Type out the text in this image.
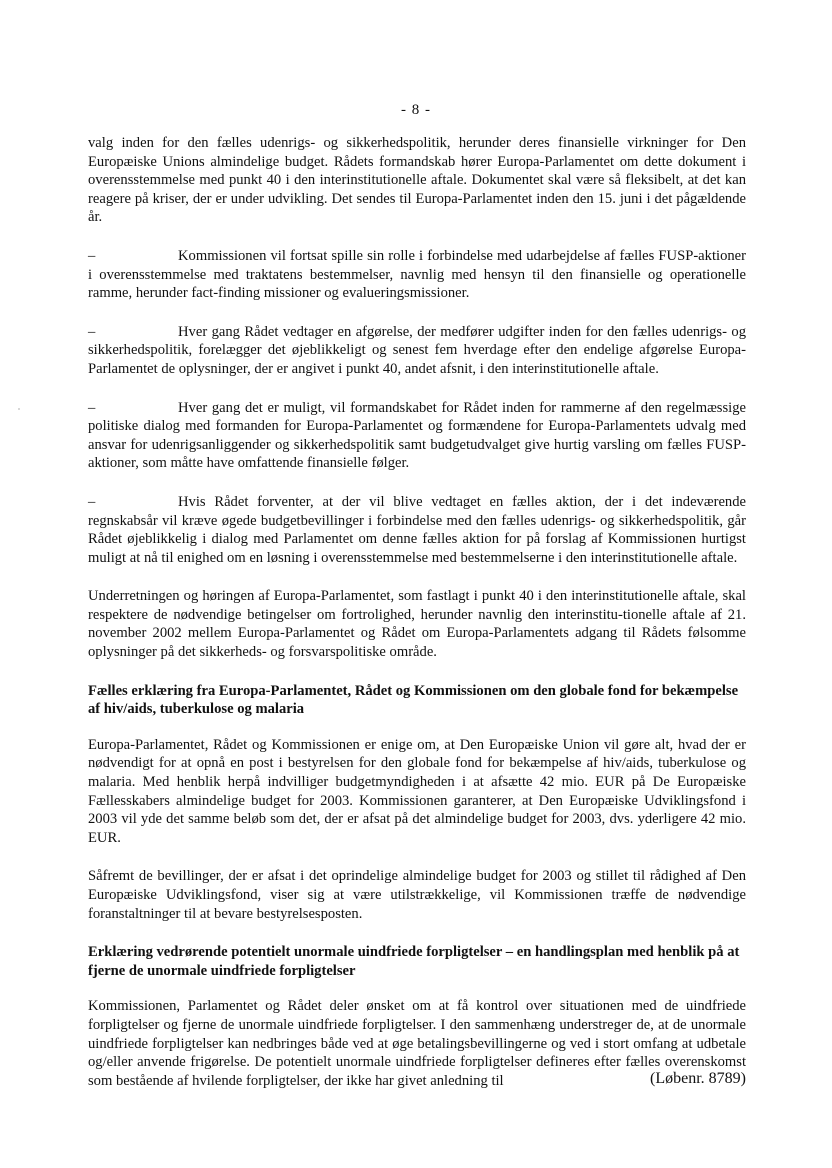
- 8 -

valg inden for den fælles udenrigs- og sikkerhedspolitik, herunder deres finansielle virkninger for Den Europæiske Unions almindelige budget. Rådets formandskab hører Europa-Parlamentet om dette dokument i overensstemmelse med punkt 40 i den interinstitutionelle aftale. Dokumentet skal være så fleksibelt, at det kan reagere på kriser, der er under udvikling. Det sendes til Europa-Parlamentet inden den 15. juni i det pågældende år.

–	Kommissionen vil fortsat spille sin rolle i forbindelse med udarbejdelse af fælles FUSP-aktioner i overensstemmelse med traktatens bestemmelser, navnlig med hensyn til den finansielle og operationelle ramme, herunder fact-finding missioner og evalueringsmissioner.

–	Hver gang Rådet vedtager en afgørelse, der medfører udgifter inden for den fælles udenrigs- og sikkerhedspolitik, forelægger det øjeblikkeligt og senest fem hverdage efter den endelige afgørelse Europa-Parlamentet de oplysninger, der er angivet i punkt 40, andet afsnit, i den interinstitutionelle aftale.

–	Hver gang det er muligt, vil formandskabet for Rådet inden for rammerne af den regelmæssige politiske dialog med formanden for Europa-Parlamentet og formændene for Europa-Parlamentets udvalg med ansvar for udenrigsanliggender og sikkerhedspolitik samt budgetudvalget give hurtig varsling om fælles FUSP-aktioner, som måtte have omfattende finansielle følger.

–	Hvis Rådet forventer, at der vil blive vedtaget en fælles aktion, der i det indeværende regnskabsår vil kræve øgede budgetbevillinger i forbindelse med den fælles udenrigs- og sikkerhedspolitik, går Rådet øjeblikkelig i dialog med Parlamentet om denne fælles aktion for på forslag af Kommissionen hurtigst muligt at nå til enighed om en løsning i overensstemmelse med bestemmelserne i den interinstitutionelle aftale.

Underretningen og høringen af Europa-Parlamentet, som fastlagt i punkt 40 i den interinstitutionelle aftale, skal respektere de nødvendige betingelser om fortrolighed, herunder navnlig den interinstitu-tionelle aftale af 21. november 2002 mellem Europa-Parlamentet og Rådet om Europa-Parlamentets adgang til Rådets følsomme oplysninger på det sikkerheds- og forsvarspolitiske område.

Fælles erklæring fra Europa-Parlamentet, Rådet og Kommissionen om den globale fond for bekæmpelse af hiv/aids, tuberkulose og malaria

Europa-Parlamentet, Rådet og Kommissionen er enige om, at Den Europæiske Union vil gøre alt, hvad der er nødvendigt for at opnå en post i bestyrelsen for den globale fond for bekæmpelse af hiv/aids, tuberkulose og malaria. Med henblik herpå indvilliger budgetmyndigheden i at afsætte 42 mio. EUR på De Europæiske Fællesskabers almindelige budget for 2003. Kommissionen garanterer, at Den Europæiske Udviklingsfond i 2003 vil yde det samme beløb som det, der er afsat på det almindelige budget for 2003, dvs. yderligere 42 mio. EUR.

Såfremt de bevillinger, der er afsat i det oprindelige almindelige budget for 2003 og stillet til rådighed af Den Europæiske Udviklingsfond, viser sig at være utilstrækkelige, vil Kommissionen træffe de nødvendige foranstaltninger til at bevare bestyrelsesposten.

Erklæring vedrørende potentielt unormale uindfriede forpligtelser – en handlingsplan med henblik på at fjerne de unormale uindfriede forpligtelser

Kommissionen, Parlamentet og Rådet deler ønsket om at få kontrol over situationen med de uindfriede forpligtelser og fjerne de unormale uindfriede forpligtelser. I den sammenhæng understreger de, at de unormale uindfriede forpligtelser kan nedbringes både ved at øge betalingsbevillingerne og ved i stort omfang at udbetale og/eller anvende frigørelse. De potentielt unormale uindfriede forpligtelser defineres efter fælles overenskomst som bestående af hvilende forpligtelser, der ikke har givet anledning til	(Løbenr. 8789)
